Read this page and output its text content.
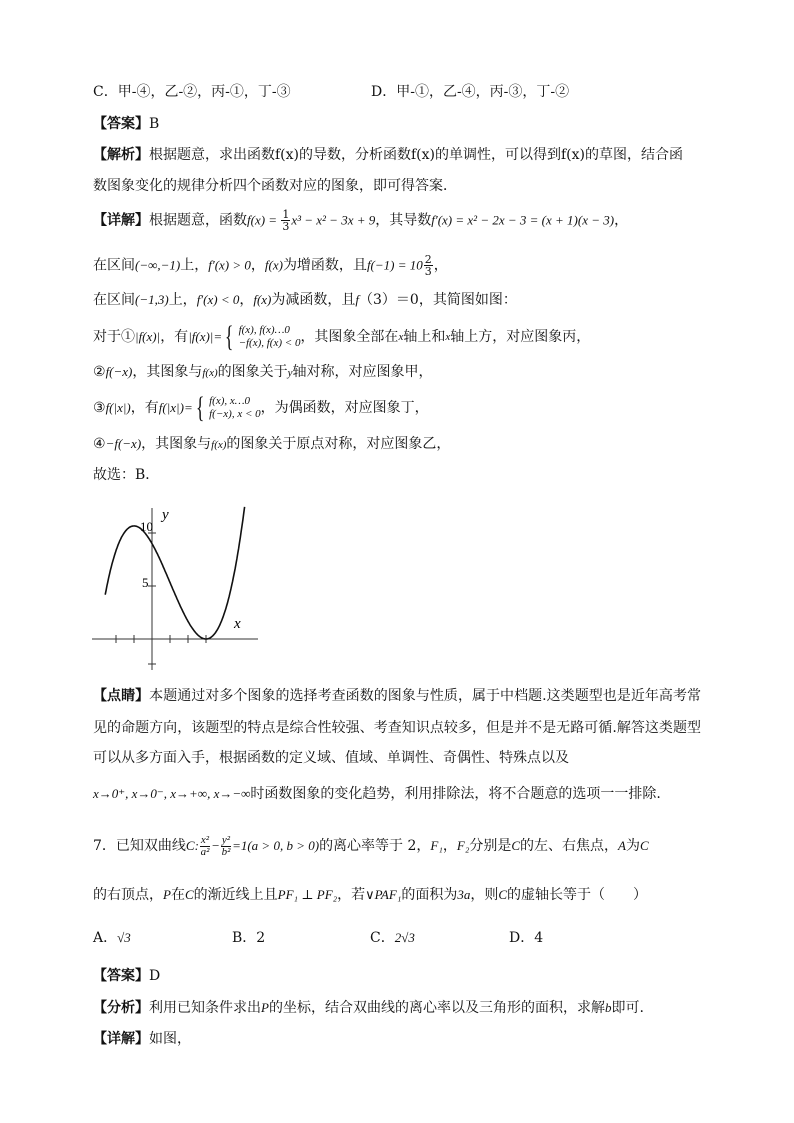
C．甲-④，乙-②，丙-①，丁-③	D．甲-①，乙-④，丙-③，丁-②
【答案】B
【解析】根据题意，求出函数f(x)的导数，分析函数f(x)的单调性，可以得到f(x)的草图，结合函
数图象变化的规律分析四个函数对应的图象，即可得答案．
【详解】根据题意，函数$f(x) = \frac{1}{3} x^3 - x^2 - 3x + 9$，其导数f′(x) = x² − 2x − 3 = (x + 1)(x − 3)，
在区间(−∞,−1)上，f′(x) > 0，f(x)为增函数，且$f(-1) = 10 \frac{2}{3}$ ，
在区间(−1,3)上，f′(x) < 0，f(x)为减函数，且f（3）＝0，其简图如图：
对于① |f(x)| ，有 |f(x)|= { f(x), f(x)…0
−f(x), f(x) < 0 ，其图象全部在 x 轴上和 x 轴上方，对应图象丙，
②f(−x)，其图象与f(x)的图象关于y轴对称，对应图象甲，
③ f(|x|) ，有 f(|x|)= { f(x), x…0
f(−x), x < 0 ，为偶函数，对应图象丁，
④−f(−x)，其图象与f(x)的图象关于原点对称，对应图象乙，
故选：B．
10
5
y
x
【点睛】本题通过对多个图象的选择考查函数的图象与性质，属于中档题.这类题型也是近年高考常
见的命题方向，该题型的特点是综合性较强、考查知识点较多，但是并不是无路可循.解答这类题型
可以从多方面入手，根据函数的定义域、值域、单调性、奇偶性、特殊点以及
x→0⁺, x→0⁻, x→+∞, x→−∞时函数图象的变化趋势，利用排除法，将不合题意的选项一一排除.
7．已知双曲线 C: $\frac{\text{x²}}{\text{a²}} - \frac{\text{y²}}{\text{b²}} =1(a > 0$, b > 0) 的离心率等于 2， F₁ ， F₂ 分别是 C 的左、右焦点， A 为 C
的右顶点，P在C的渐近线上且PF₁ ⊥ PF₂，若∨PAF₁的面积为3a，则C的虚轴长等于（　　）
A．√3	B．2	C．2√3	D．4
【答案】D
【分析】利用已知条件求出P的坐标，结合双曲线的离心率以及三角形的面积，求解b即可.
【详解】如图，
